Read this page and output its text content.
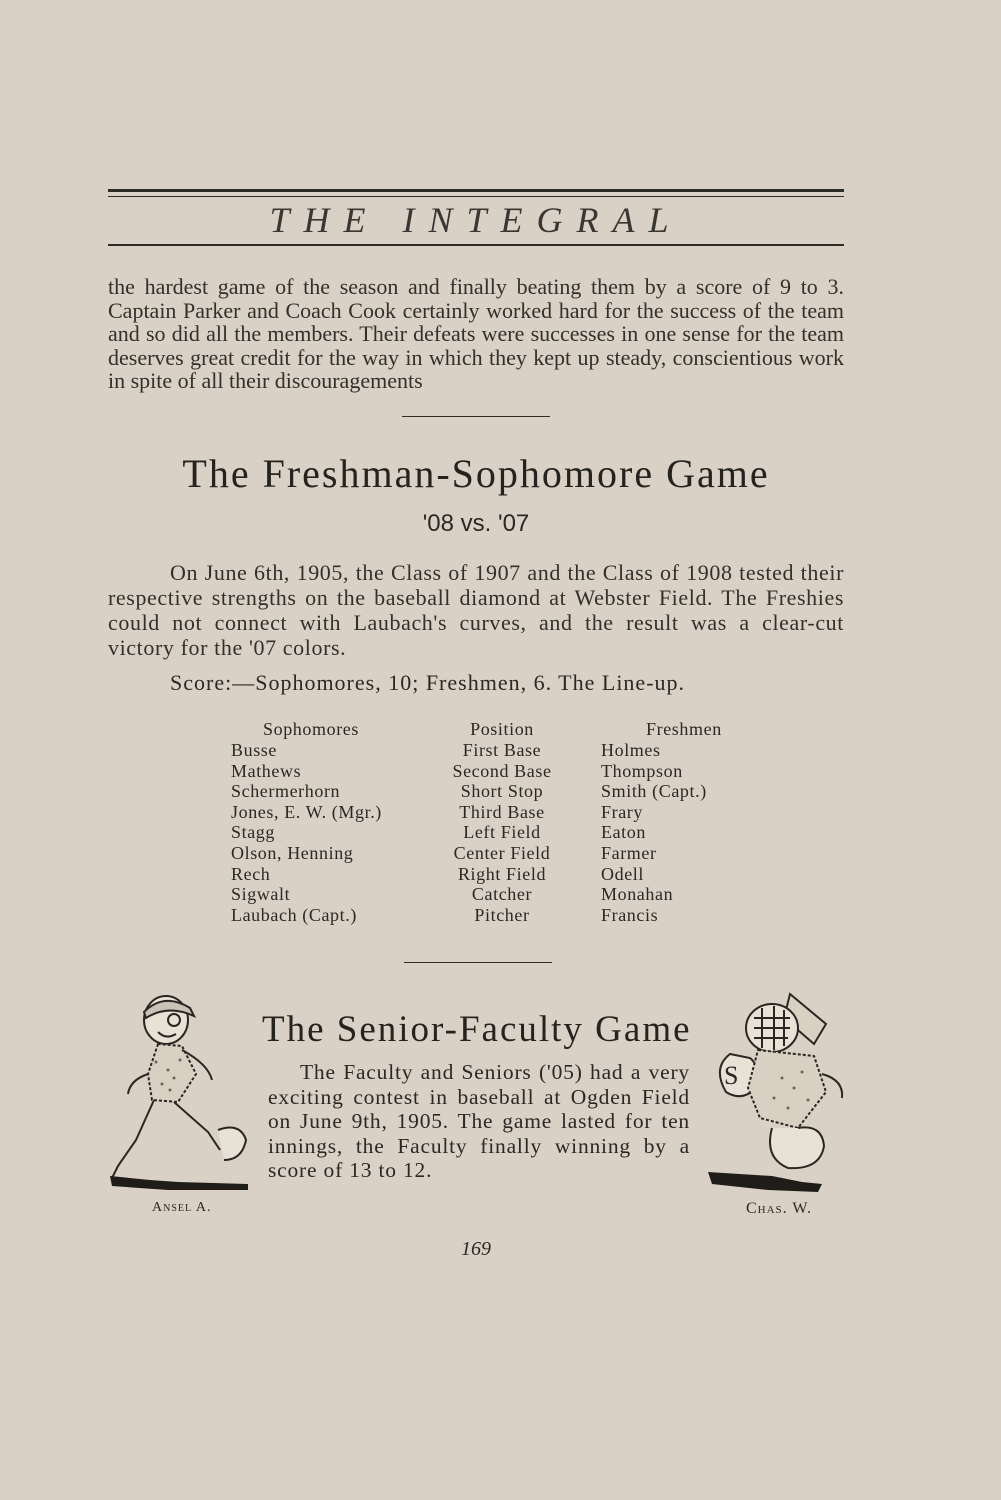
THE INTEGRAL
the hardest game of the season and finally beating them by a score of 9 to 3. Captain Parker and Coach Cook certainly worked hard for the success of the team and so did all the members. Their defeats were successes in one sense for the team deserves great credit for the way in which they kept up steady, conscientious work in spite of all their discouragements
The Freshman-Sophomore Game
'08 vs. '07
On June 6th, 1905, the Class of 1907 and the Class of 1908 tested their respective strengths on the baseball diamond at Webster Field. The Freshies could not connect with Laubach's curves, and the result was a clear-cut victory for the '07 colors.
Score:—Sophomores, 10; Freshmen, 6. The Line-up.
Sophomores
Busse
Mathews
Schermerhorn
Jones, E. W. (Mgr.)
Stagg
Olson, Henning
Rech
Sigwalt
Laubach (Capt.)
Position
First Base
Second Base
Short Stop
Third Base
Left Field
Center Field
Right Field
Catcher
Pitcher
Freshmen
Holmes
Thompson
Smith (Capt.)
Frary
Eaton
Farmer
Odell
Monahan
Francis
Ansel A.
The Senior-Faculty Game
The Faculty and Seniors ('05) had a very exciting contest in baseball at Ogden Field on June 9th, 1905. The game lasted for ten innings, the Faculty finally winning by a score of 13 to 12.
S
Chas. W.
169
